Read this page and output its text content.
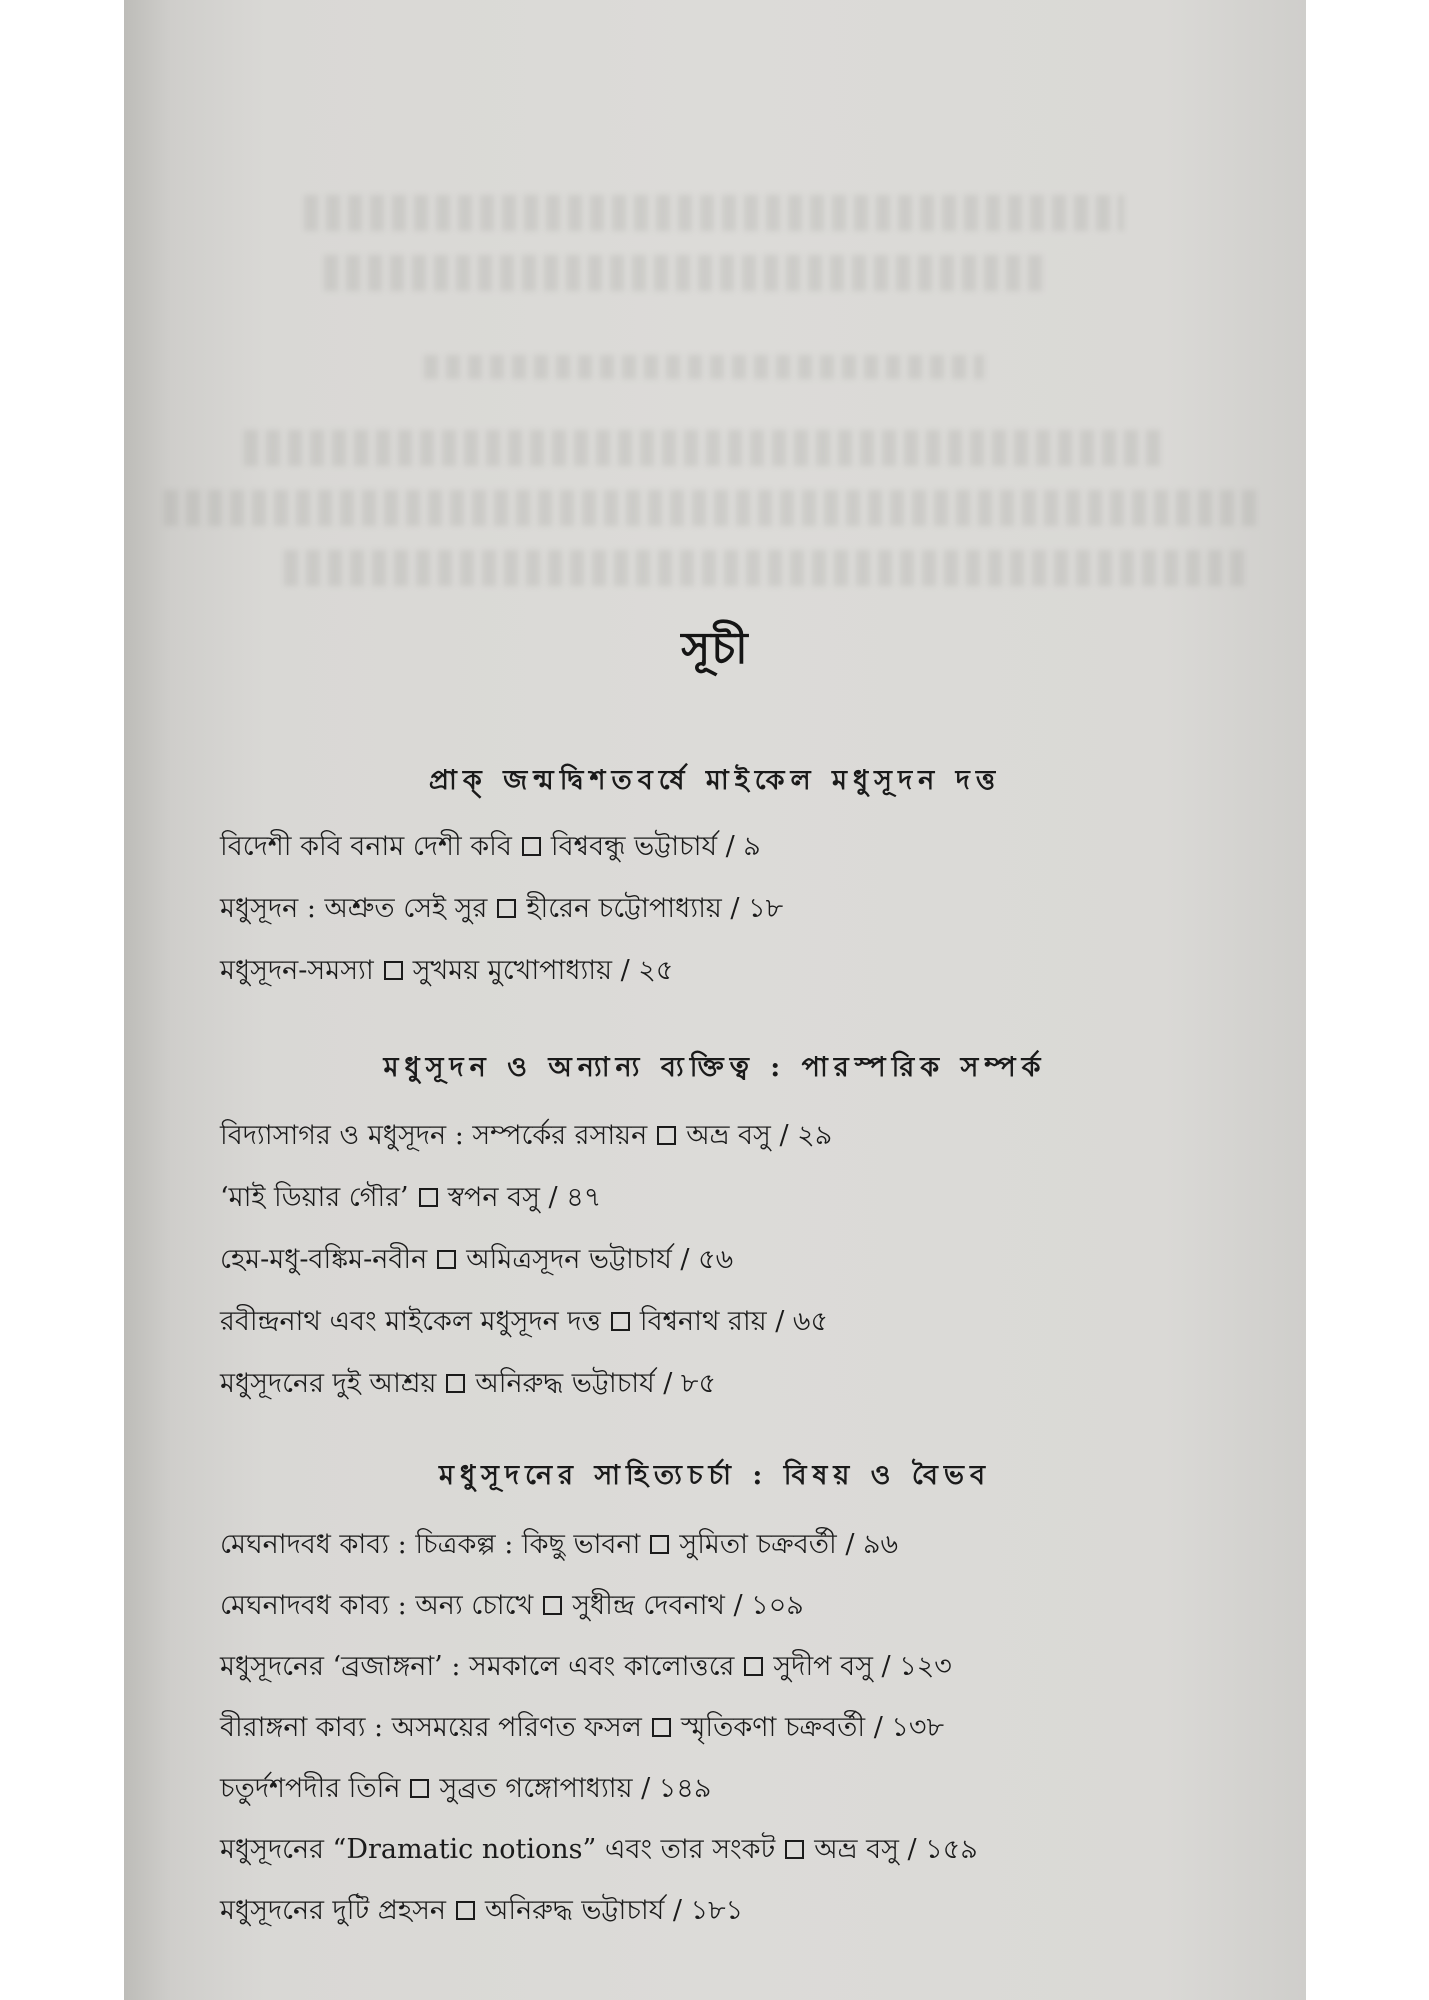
সূচী
প্রাক্ জন্মদ্বিশতবর্ষে মাইকেল মধুসূদন দত্ত
বিদেশী কবি বনাম দেশী কবি বিশ্ববন্ধু ভট্টাচার্য / ৯
মধুসূদন : অশ্রুত সেই সুর হীরেন চট্টোপাধ্যায় / ১৮
মধুসূদন-সমস্যা সুখময় মুখোপাধ্যায় / ২৫
মধুসূদন ও অন্যান্য ব্যক্তিত্ব : পারস্পরিক সম্পর্ক
বিদ্যাসাগর ও মধুসূদন : সম্পর্কের রসায়ন অভ্র বসু / ২৯
‘মাই ডিয়ার গৌর’ স্বপন বসু / ৪৭
হেম-মধু-বঙ্কিম-নবীন অমিত্রসূদন ভট্টাচার্য / ৫৬
রবীন্দ্রনাথ এবং মাইকেল মধুসূদন দত্ত বিশ্বনাথ রায় / ৬৫
মধুসূদনের দুই আশ্রয় অনিরুদ্ধ ভট্টাচার্য / ৮৫
মধুসূদনের সাহিত্যচর্চা : বিষয় ও বৈভব
মেঘনাদবধ কাব্য : চিত্রকল্প : কিছু ভাবনা সুমিতা চক্রবর্তী / ৯৬
মেঘনাদবধ কাব্য : অন্য চোখে সুধীন্দ্র দেবনাথ / ১০৯
মধুসূদনের ‘ব্রজাঙ্গনা’ : সমকালে এবং কালোত্তরে সুদীপ বসু / ১২৩
বীরাঙ্গনা কাব্য : অসময়ের পরিণত ফসল স্মৃতিকণা চক্রবর্তী / ১৩৮
চতুর্দশপদীর তিনি সুব্রত গঙ্গোপাধ্যায় / ১৪৯
মধুসূদনের “Dramatic notions” এবং তার সংকট অভ্র বসু / ১৫৯
মধুসূদনের দুটি প্রহসন অনিরুদ্ধ ভট্টাচার্য / ১৮১
